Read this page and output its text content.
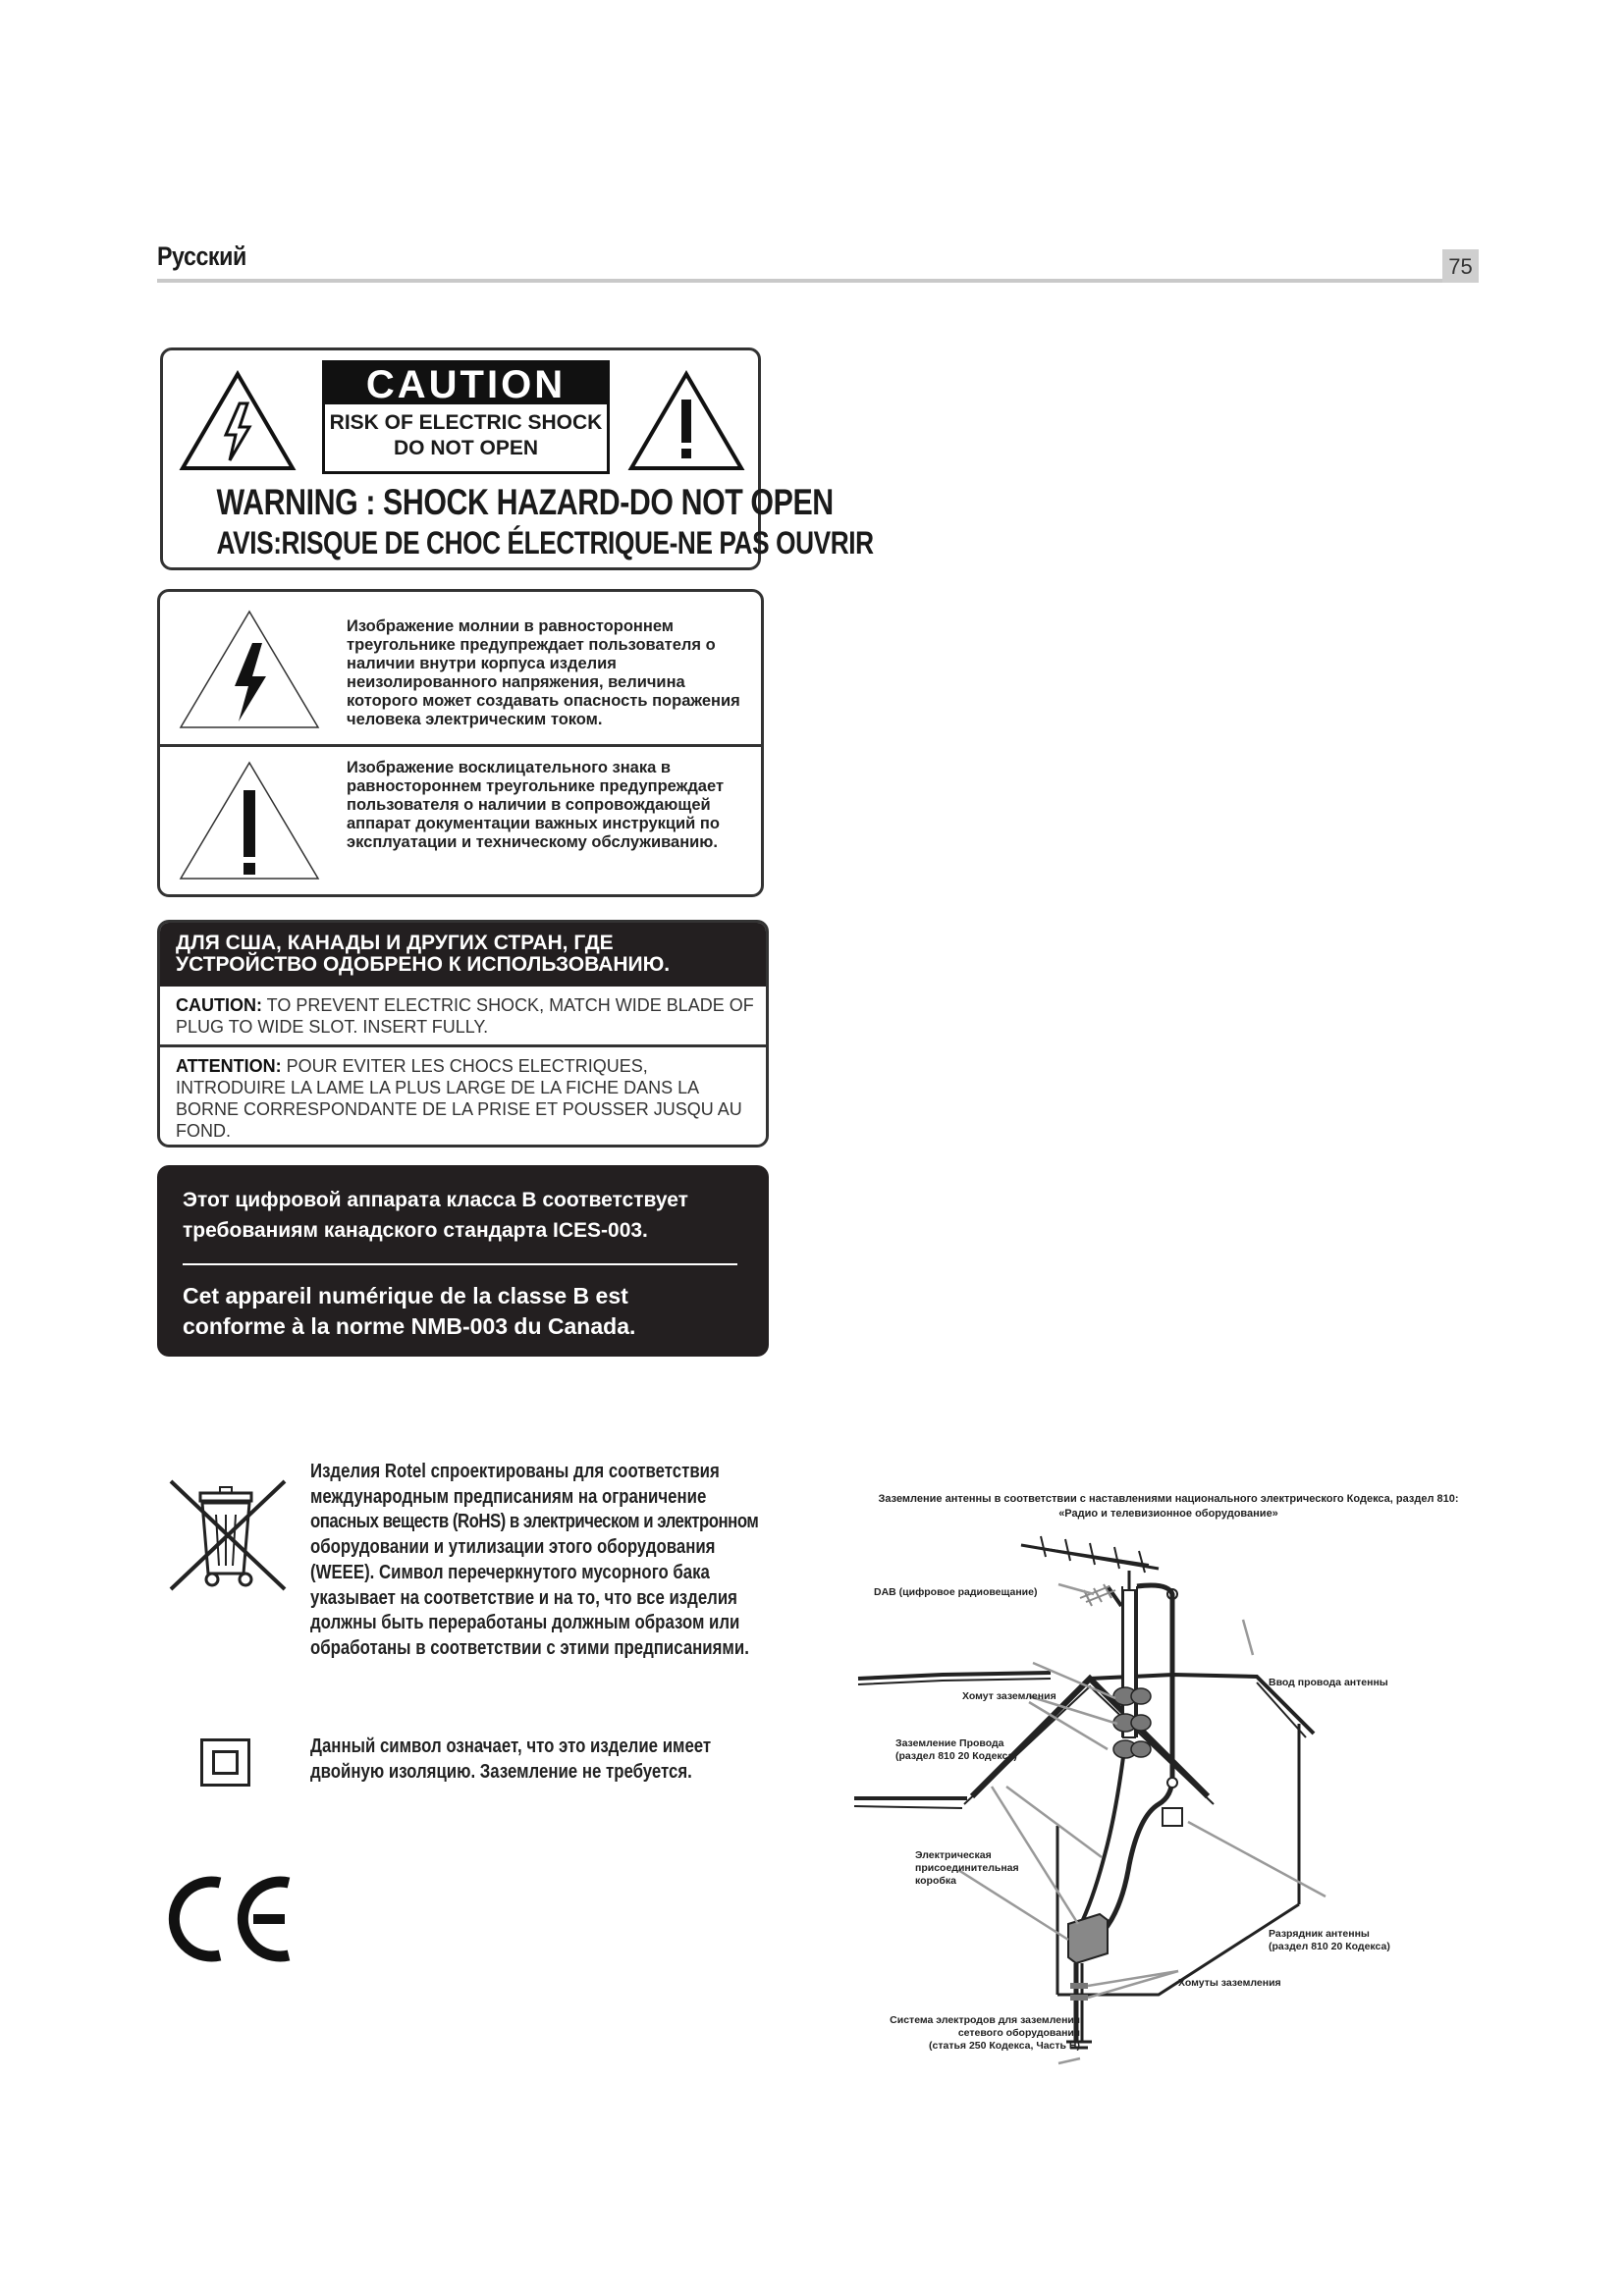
Русский	75
CAUTION
RISK OF ELECTRIC SHOCK
DO NOT OPEN
WARNING : SHOCK HAZARD-DO NOT OPEN
AVIS:RISQUE DE CHOC ÉLECTRIQUE-NE PAS OUVRIR
Изображение молнии в равностороннем треугольнике предупреждает пользователя о наличии внутри корпуса изделия неизолированного напряжения, величина которого может создавать опасность поражения человека электрическим током.
Изображение восклицательного знака в равностороннем треугольнике предупреждает пользователя о наличии в сопровождающей аппарат документации важных инструкций по эксплуатации и техническому обслуживанию.
ДЛЯ США, КАНАДЫ И ДРУГИХ СТРАН, ГДЕ
УСТРОЙСТВО ОДОБРЕНО К ИСПОЛЬЗОВАНИЮ.
CAUTION: TO PREVENT ELECTRIC SHOCK, MATCH WIDE BLADE OF PLUG TO WIDE SLOT. INSERT FULLY.
ATTENTION: POUR EVITER LES CHOCS ELECTRIQUES, INTRODUIRE LA LAME LA PLUS LARGE DE LA FICHE DANS LA BORNE CORRESPONDANTE DE LA PRISE ET POUSSER JUSQU AU FOND.
Этот цифровой аппарата класса B соответствует
требованиям канадского стандарта ICES-003.
Cet appareil numérique de la classe B est
conforme à la norme NMB-003 du Canada.
Изделия Rotel спроектированы для соответствия
международным предписаниям на ограничение
опасных веществ (RoHS) в электрическом и электронном
оборудовании и утилизации этого оборудования
(WEEE). Символ перечеркнутого мусорного бака
указывает на соответствие и на то, что все изделия
должны быть переработаны должным образом или
обработаны в соответствии с этими предписаниями.
Данный символ означает, что это изделие имеет
двойную изоляцию. Заземление не требуется.
CE
Заземление антенны в соответствии с наставлениями национального электрического Кодекса, раздел 810:
«Радио и телевизионное оборудование»
DAB (цифровое радиовещание)
Ввод провода антенны
Хомут заземления
Заземление Провода
(раздел 810 20 Кодекса)
Электрическая
присоединительная
коробка
Разрядник антенны
(раздел 810 20 Кодекса)
Хомуты заземления
Система электродов для заземления
сетевого оборудования
(статья 250 Кодекса, Часть H)
